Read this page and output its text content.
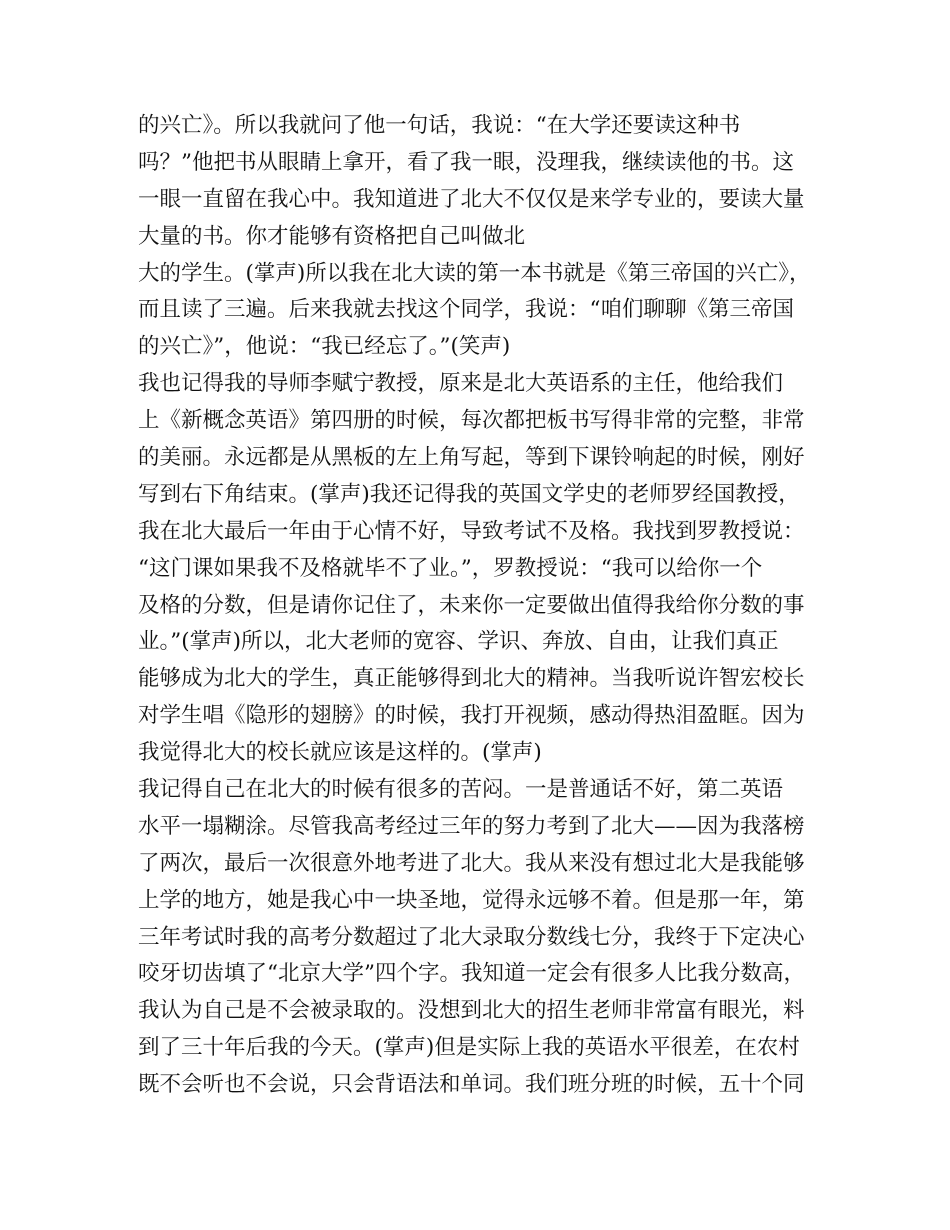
的兴亡》。所以我就问了他一句话，我说：“在大学还要读这种书
吗？”他把书从眼睛上拿开，看了我一眼，没理我，继续读他的书。这
一眼一直留在我心中。我知道进了北大不仅仅是来学专业的，要读大量
大量的书。你才能够有资格把自己叫做北
大的学生。(掌声)所以我在北大读的第一本书就是《第三帝国的兴亡》，
而且读了三遍。后来我就去找这个同学，我说：“咱们聊聊《第三帝国
的兴亡》”，他说：“我已经忘了。”(笑声)
我也记得我的导师李赋宁教授，原来是北大英语系的主任，他给我们
上《新概念英语》第四册的时候，每次都把板书写得非常的完整，非常
的美丽。永远都是从黑板的左上角写起，等到下课铃响起的时候，刚好
写到右下角结束。(掌声)我还记得我的英国文学史的老师罗经国教授，
我在北大最后一年由于心情不好，导致考试不及格。我找到罗教授说：
“这门课如果我不及格就毕不了业。”，罗教授说：“我可以给你一个
及格的分数，但是请你记住了，未来你一定要做出值得我给你分数的事
业。”(掌声)所以，北大老师的宽容、学识、奔放、自由，让我们真正
能够成为北大的学生，真正能够得到北大的精神。当我听说许智宏校长
对学生唱《隐形的翅膀》的时候，我打开视频，感动得热泪盈眶。因为
我觉得北大的校长就应该是这样的。(掌声)
我记得自己在北大的时候有很多的苦闷。一是普通话不好，第二英语
水平一塌糊涂。尽管我高考经过三年的努力考到了北大——因为我落榜
了两次，最后一次很意外地考进了北大。我从来没有想过北大是我能够
上学的地方，她是我心中一块圣地，觉得永远够不着。但是那一年，第
三年考试时我的高考分数超过了北大录取分数线七分，我终于下定决心
咬牙切齿填了“北京大学”四个字。我知道一定会有很多人比我分数高，
我认为自己是不会被录取的。没想到北大的招生老师非常富有眼光，料
到了三十年后我的今天。(掌声)但是实际上我的英语水平很差，在农村
既不会听也不会说，只会背语法和单词。我们班分班的时候，五十个同
